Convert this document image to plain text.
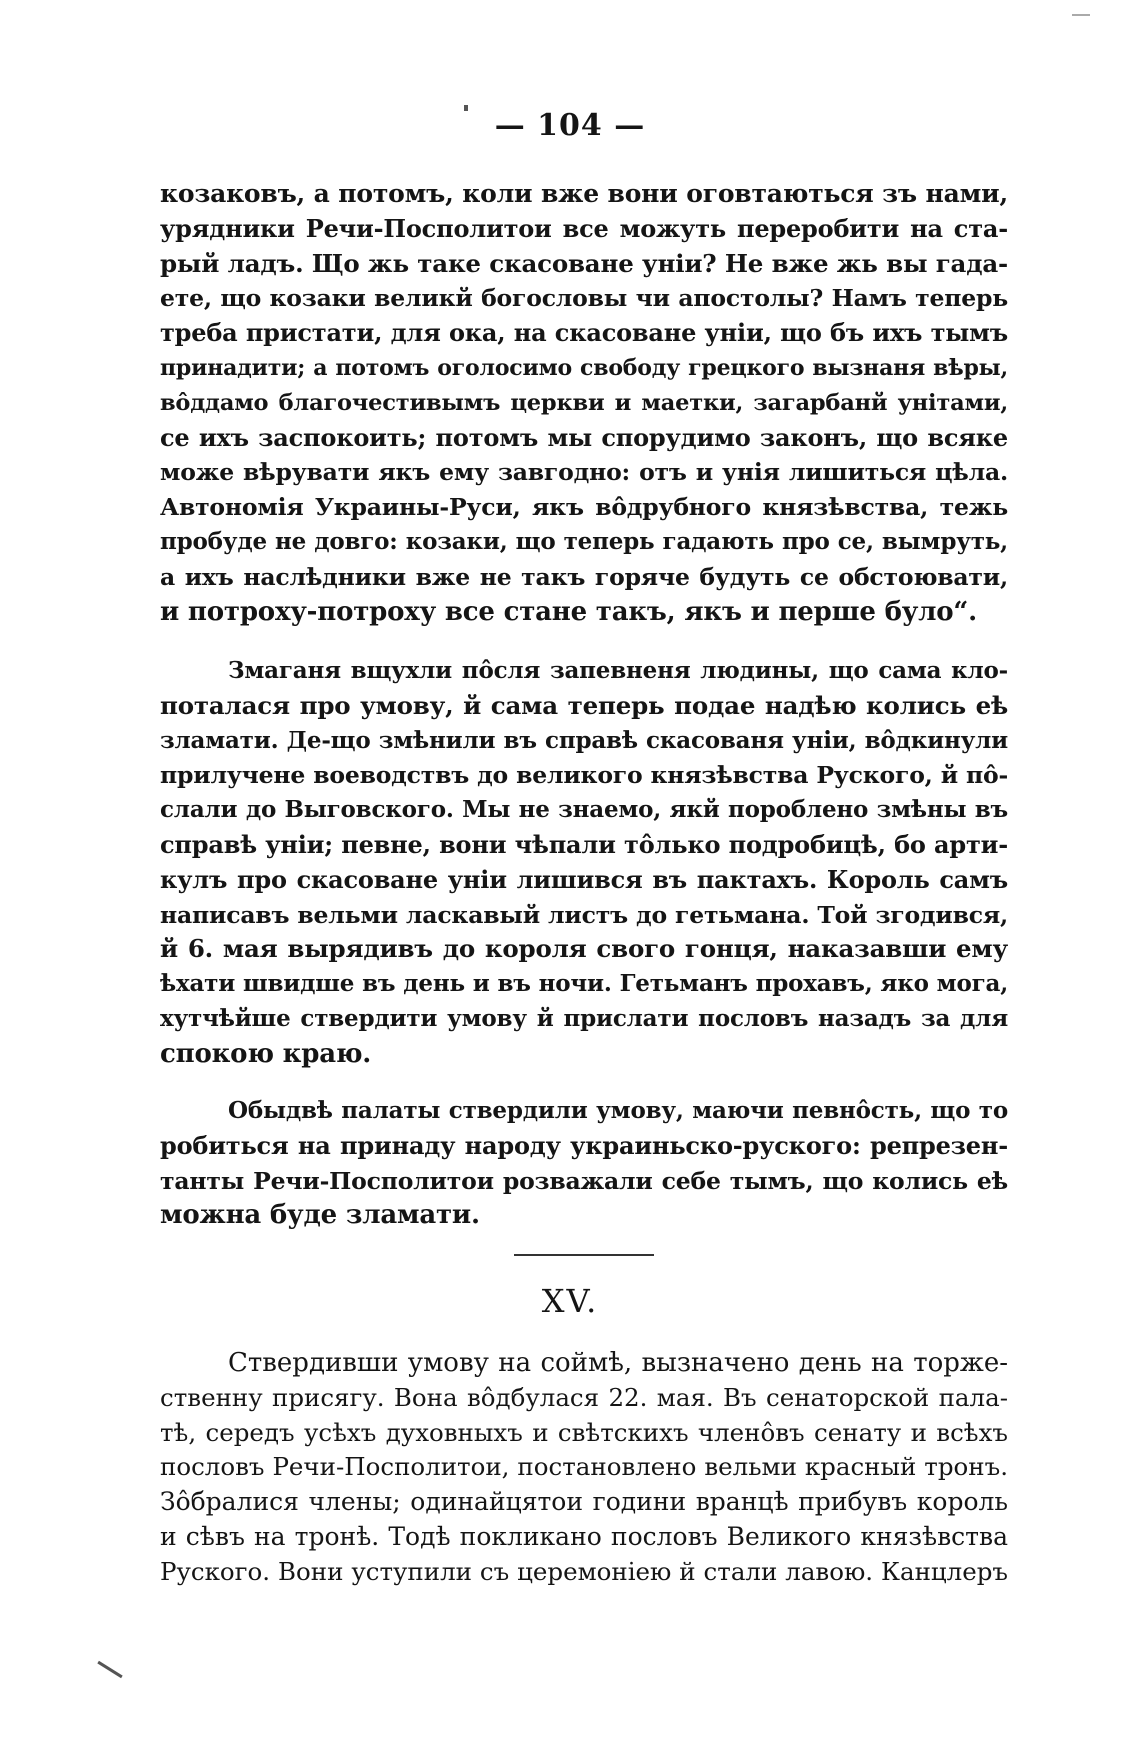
— 104 —
козаковъ, а потомъ, коли вже вони оговтаються зъ нами,
урядники Речи-Посполитои все можуть переробити на ста-
рый ладъ. Що жь таке скасоване унiи? Не вже жь вы гада-
ете, що козаки великй богословы чи апостолы? Намъ теперь
треба пристати, для ока, на скасоване унiи, що бъ ихъ тымъ
принадити; а потомъ оголосимо свободу грецкого вызнаня вѣры,
вôддамо благочестивымъ церкви и маетки, загарбанй унiтами,
се ихъ заспокоить; потомъ мы спорудимо законъ, що всяке
може вѣрувати якъ ему завгодно: отъ и унiя лишиться цѣла.
Автономiя Украины-Руси, якъ вôдрубного князѣвства, тежь
пробуде не довго: козаки, що теперь гадають про се, вымруть,
а ихъ наслѣдники вже не такъ горяче будуть се обстоювати,
и потроху-потроху все стане такъ, якъ и перше було“.
Змаганя вщухли пôсля запевненя людины, що сама кло-
поталася про умову, й сама теперь подае надѣю колись еѣ
зламати. Де-що змѣнили въ справѣ скасованя унiи, вôдкинули
прилучене воеводствъ до великого князѣвства Руского, й пô-
слали до Выговского. Мы не знаемо, якй пороблено змѣны въ
справѣ унiи; певне, вони чѣпали тôлько подробицѣ, бо арти-
кулъ про скасоване унiи лишився въ пактахъ. Король самъ
написавъ вельми ласкавый листъ до гетьмана. Той згодився,
й 6. мая вырядивъ до короля свого гонця, наказавши ему
ѣхати швидше въ день и въ ночи. Гетьманъ прохавъ, яко мога,
хутчѣйше ствердити умову й прислати пословъ назадъ за для
спокою краю.
Обыдвѣ палаты ствердили умову, маючи певнôсть, що то
робиться на принаду народу украиньско-руского: репрезен-
танты Речи-Посполитои розважали себе тымъ, що колись еѣ
можна буде зламати.
XV.
Ствердивши умову на соймѣ, вызначено день на торже-
ственну присягу. Вона вôдбулася 22. мая. Въ сенаторской пала-
тѣ, середъ усѣхъ духовныхъ и свѣтскихъ членôвъ сенату и всѣхъ
пословъ Речи-Посполитои, постановлено вельми красный тронъ.
Зôбралися члены; одинайцятои години вранцѣ прибувъ король
и сѣвъ на тронѣ. Тодѣ покликано пословъ Великого князѣвства
Руского. Вони уступили съ церемонiею й стали лавою. Канцлеръ
